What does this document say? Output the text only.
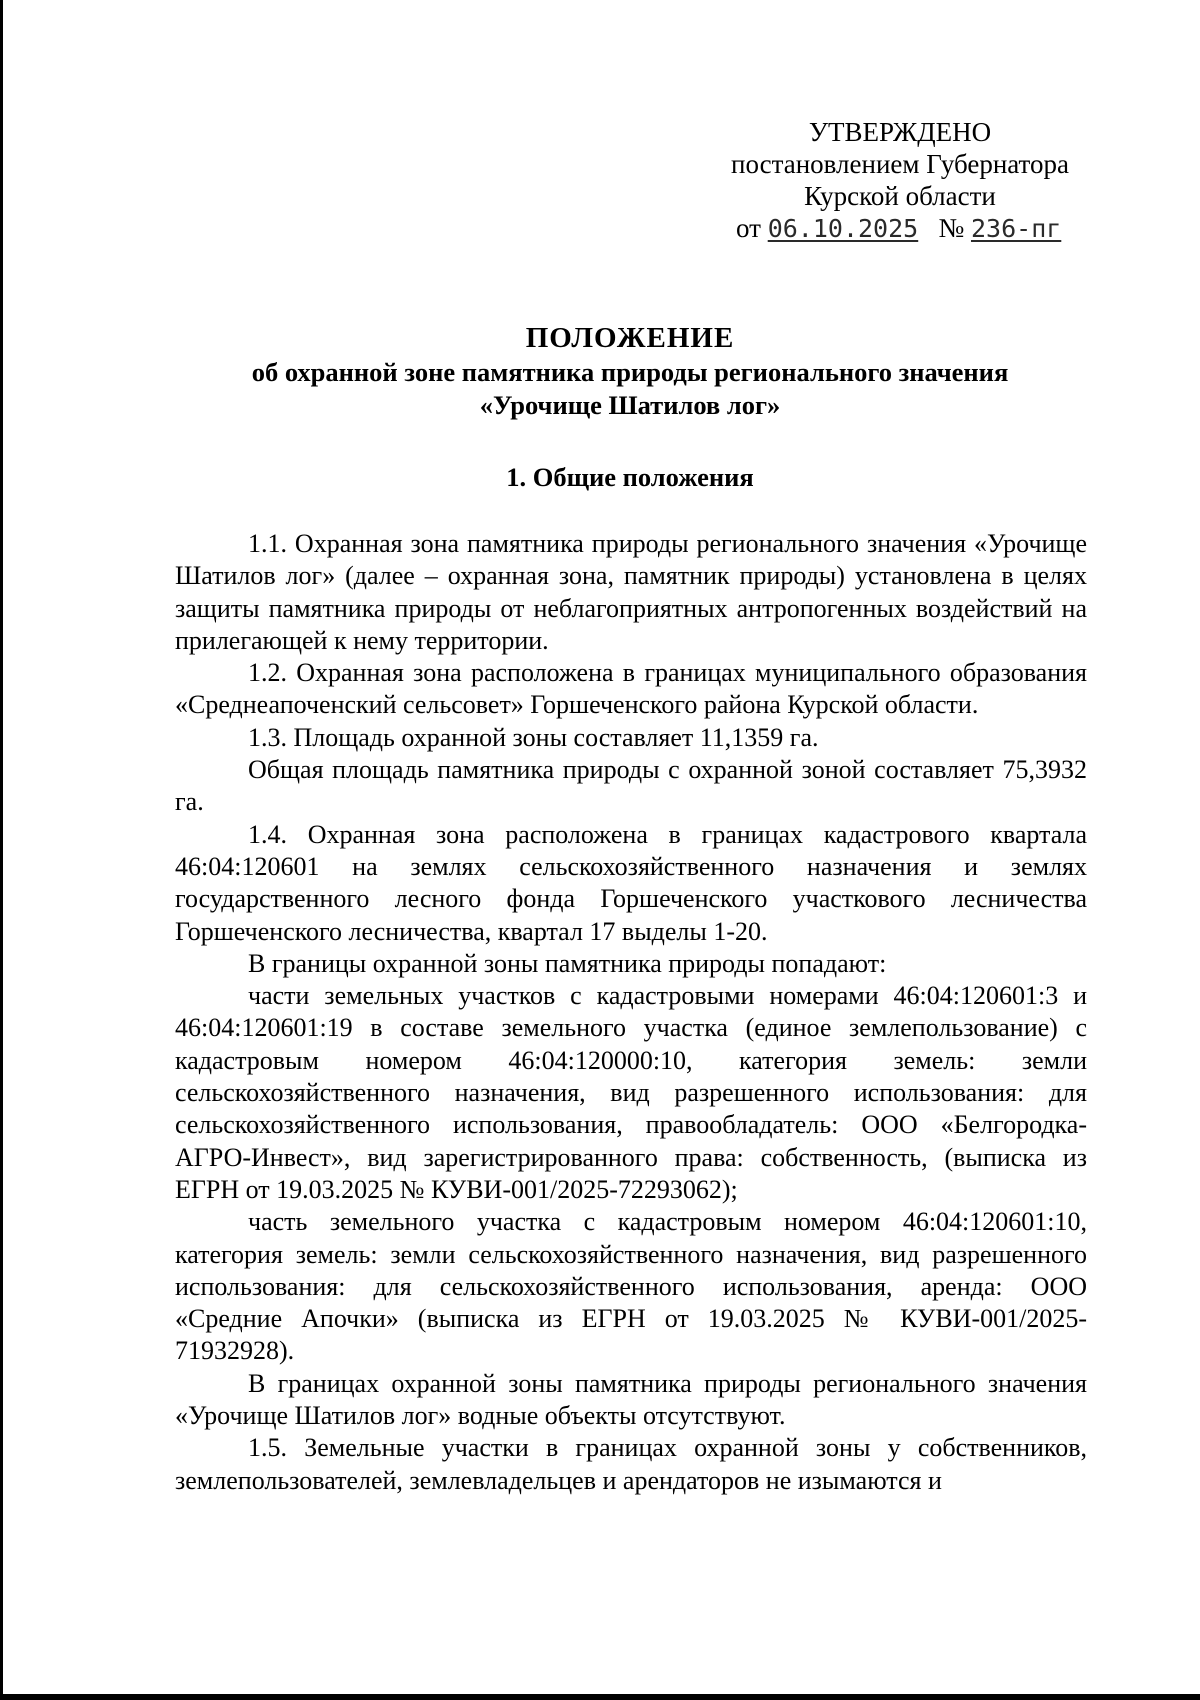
УТВЕРЖДЕНО
постановлением Губернатора
Курской области
от 06.10.2025 № 236-пг
ПОЛОЖЕНИЕ
об охранной зоне памятника природы регионального значения
«Урочище Шатилов лог»
1. Общие положения

1.1. Охранная зона памятника природы регионального значения «Урочище Шатилов лог» (далее – охранная зона, памятник природы) установлена в целях защиты памятника природы от неблагоприятных антропогенных воздействий на прилегающей к нему территории.

1.2. Охранная зона расположена в границах муниципального образования «Среднеапоченский сельсовет» Горшеченского района Курской области.

1.3. Площадь охранной зоны составляет 11,1359 га.

Общая площадь памятника природы с охранной зоной составляет 75,3932 га.

1.4. Охранная зона расположена в границах кадастрового квартала 46:04:120601 на землях сельскохозяйственного назначения и землях государственного лесного фонда Горшеченского участкового лесничества Горшеченского лесничества, квартал 17 выделы 1-20.

В границы охранной зоны памятника природы попадают:

части земельных участков с кадастровыми номерами 46:04:120601:3 и 46:04:120601:19 в составе земельного участка (единое землепользование) с кадастровым номером 46:04:120000:10, категория земель: земли сельскохозяйственного назначения, вид разрешенного использования: для сельскохозяйственного использования, правообладатель: ООО «Белгородка-АГРО-Инвест», вид зарегистрированного права: собственность, (выписка из ЕГРН от 19.03.2025 № КУВИ-001/2025-72293062);

часть земельного участка с кадастровым номером 46:04:120601:10, категория земель: земли сельскохозяйственного назначения, вид разрешенного использования: для сельскохозяйственного использования, аренда: ООО «Средние Апочки» (выписка из ЕГРН от 19.03.2025 № КУВИ-001/2025-71932928).

В границах охранной зоны памятника природы регионального значения «Урочище Шатилов лог» водные объекты отсутствуют.

1.5. Земельные участки в границах охранной зоны у собственников, землепользователей, землевладельцев и арендаторов не изымаются и
